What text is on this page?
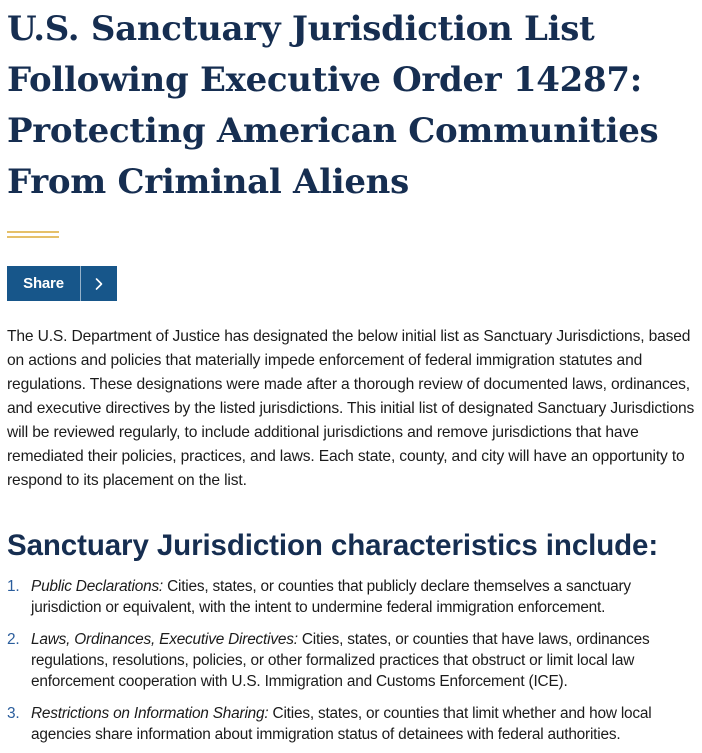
U.S. Sanctuary Jurisdiction List Following Executive Order 14287: Protecting American Communities From Criminal Aliens
Share

The U.S. Department of Justice has designated the below initial list as Sanctuary Jurisdictions, based on actions and policies that materially impede enforcement of federal immigration statutes and regulations. These designations were made after a thorough review of documented laws, ordinances, and executive directives by the listed jurisdictions. This initial list of designated Sanctuary Jurisdictions will be reviewed regularly, to include additional jurisdictions and remove jurisdictions that have remediated their policies, practices, and laws. Each state, county, and city will have an opportunity to respond to its placement on the list.

Sanctuary Jurisdiction characteristics include:
1. Public Declarations: Cities, states, or counties that publicly declare themselves a sanctuary jurisdiction or equivalent, with the intent to undermine federal immigration enforcement.
2. Laws, Ordinances, Executive Directives: Cities, states, or counties that have laws, ordinances regulations, resolutions, policies, or other formalized practices that obstruct or limit local law enforcement cooperation with U.S. Immigration and Customs Enforcement (ICE).
3. Restrictions on Information Sharing: Cities, states, or counties that limit whether and how local agencies share information about immigration status of detainees with federal authorities.
